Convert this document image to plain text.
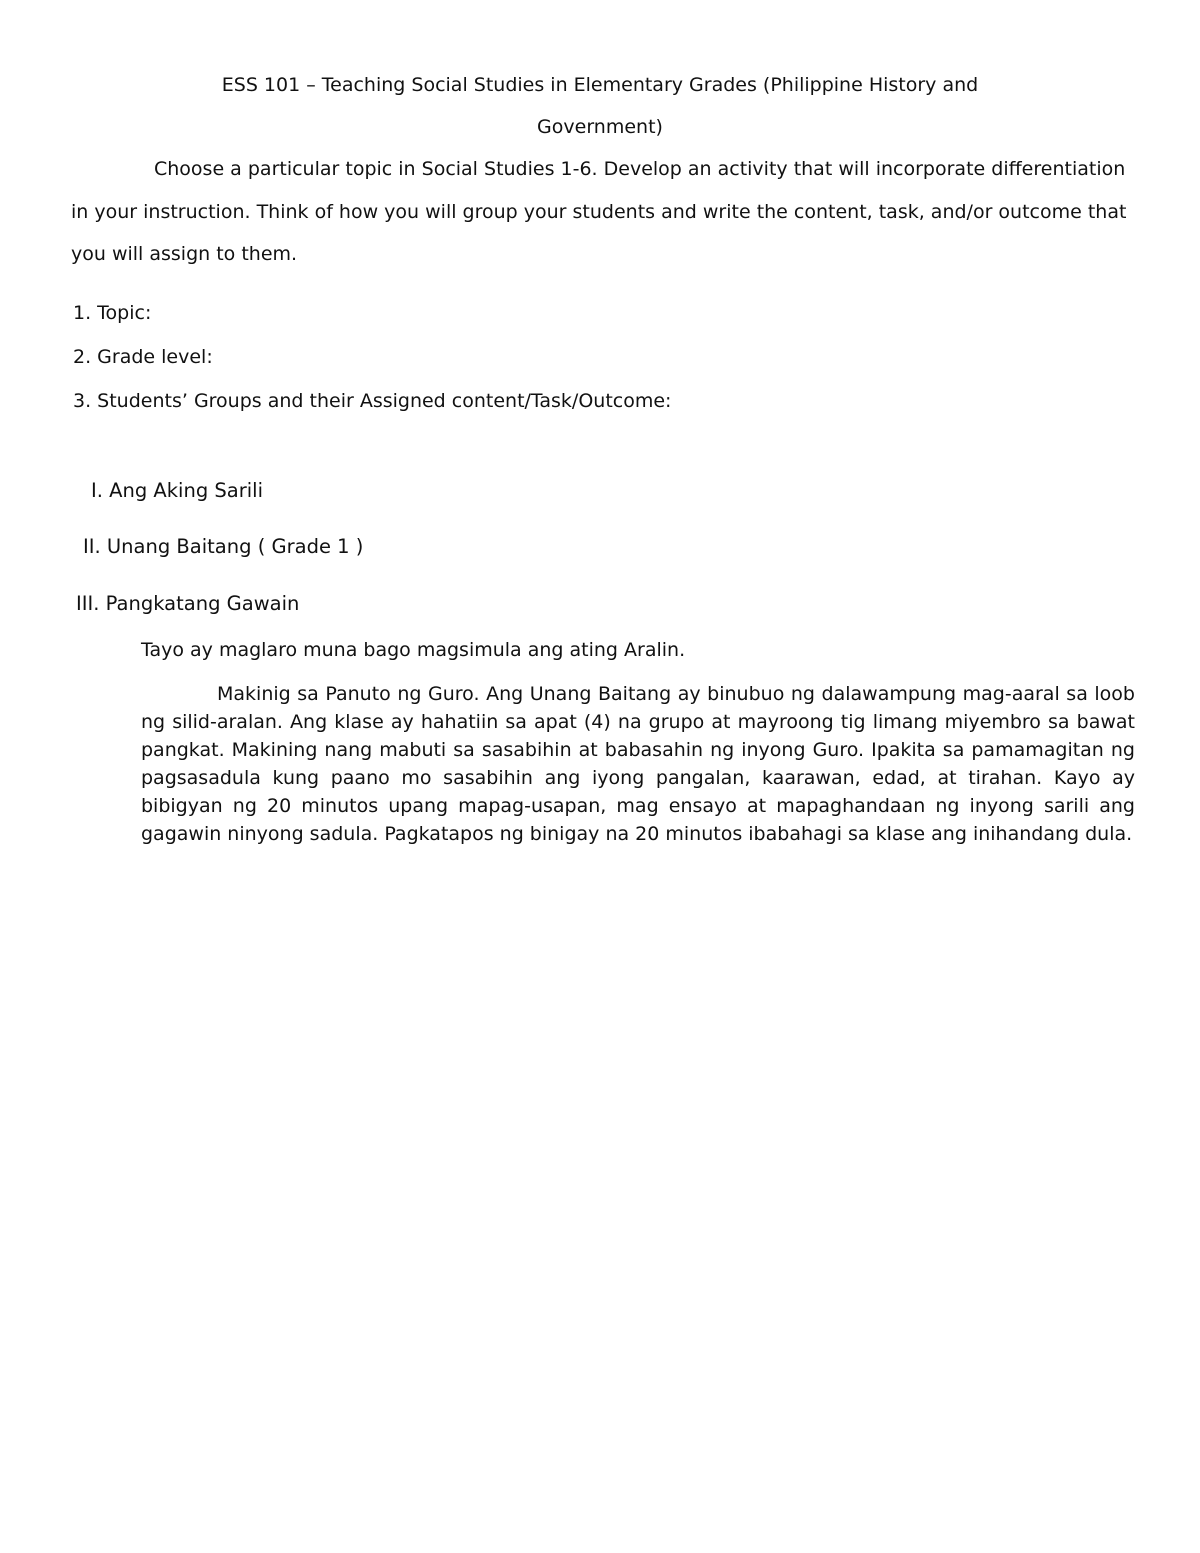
ESS 101 – Teaching Social Studies in Elementary Grades (Philippine History and
Government)
Choose a particular topic in Social Studies 1-6. Develop an activity that will incorporate differentiation in your instruction. Think of how you will group your students and write the content, task, and/or outcome that you will assign to them.
1. Topic:
2. Grade level:
3. Students’ Groups and their Assigned content/Task/Outcome:
I. Ang Aking Sarili
II. Unang Baitang ( Grade 1 )
III. Pangkatang Gawain
Tayo ay maglaro muna bago magsimula ang ating Aralin.
Makinig sa Panuto ng Guro. Ang Unang Baitang ay binubuo ng dalawampung mag-aaral sa loob ng silid-aralan. Ang klase ay hahatiin sa apat (4) na grupo at mayroong tig limang miyembro sa bawat pangkat. Makining nang mabuti sa sasabihin at babasahin ng inyong Guro. Ipakita sa pamamagitan ng pagsasadula kung paano mo sasabihin ang iyong pangalan, kaarawan, edad, at tirahan. Kayo ay bibigyan ng 20 minutos upang mapag-usapan, mag ensayo at mapaghandaan ng inyong sarili ang gagawin ninyong sadula. Pagkatapos ng binigay na 20 minutos ibabahagi sa klase ang inihandang dula.
